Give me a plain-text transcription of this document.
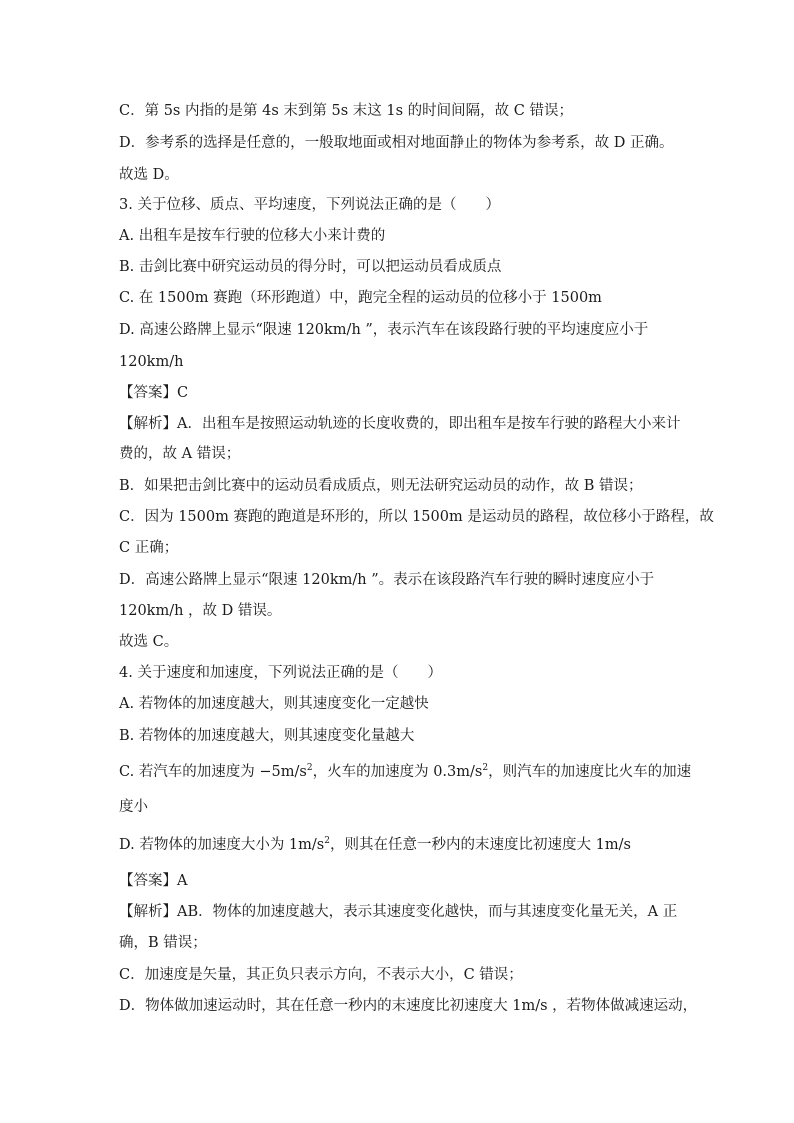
C．第 5s 内指的是第 4s 末到第 5s 末这 1s 的时间间隔，故 C 错误；
D．参考系的选择是任意的，一般取地面或相对地面静止的物体为参考系，故 D 正确。
故选 D。
3. 关于位移、质点、平均速度，下列说法正确的是（　　）
A. 出租车是按车行驶的位移大小来计费的
B. 击剑比赛中研究运动员的得分时，可以把运动员看成质点
C. 在 1500m 赛跑（环形跑道）中，跑完全程的运动员的位移小于 1500m
D. 高速公路牌上显示“限速 120km/h ”，表示汽车在该段路行驶的平均速度应小于
120km/h
【答案】C
【解析】A．出租车是按照运动轨迹的长度收费的，即出租车是按车行驶的路程大小来计
费的，故 A 错误；
B．如果把击剑比赛中的运动员看成质点，则无法研究运动员的动作，故 B 错误；
C．因为 1500m 赛跑的跑道是环形的，所以 1500m 是运动员的路程，故位移小于路程，故
C 正确；
D．高速公路牌上显示“限速 120km/h ”。表示在该段路汽车行驶的瞬时速度应小于
120km/h ，故 D 错误。
故选 C。
4. 关于速度和加速度，下列说法正确的是（　　）
A. 若物体的加速度越大，则其速度变化一定越快
B. 若物体的加速度越大，则其速度变化量越大
C. 若汽车的加速度为 $-5m/s^2$，火车的加速度为 $0.3m/s^2$，则汽车的加速度比火车的加速
度小
D. 若物体的加速度大小为 $1m/s^2$，则其在任意一秒内的末速度比初速度大 1m/s
【答案】A
【解析】AB．物体的加速度越大，表示其速度变化越快，而与其速度变化量无关，A 正
确，B 错误；
C．加速度是矢量，其正负只表示方向，不表示大小，C 错误；
D．物体做加速运动时，其在任意一秒内的末速度比初速度大 1m/s ，若物体做减速运动，
